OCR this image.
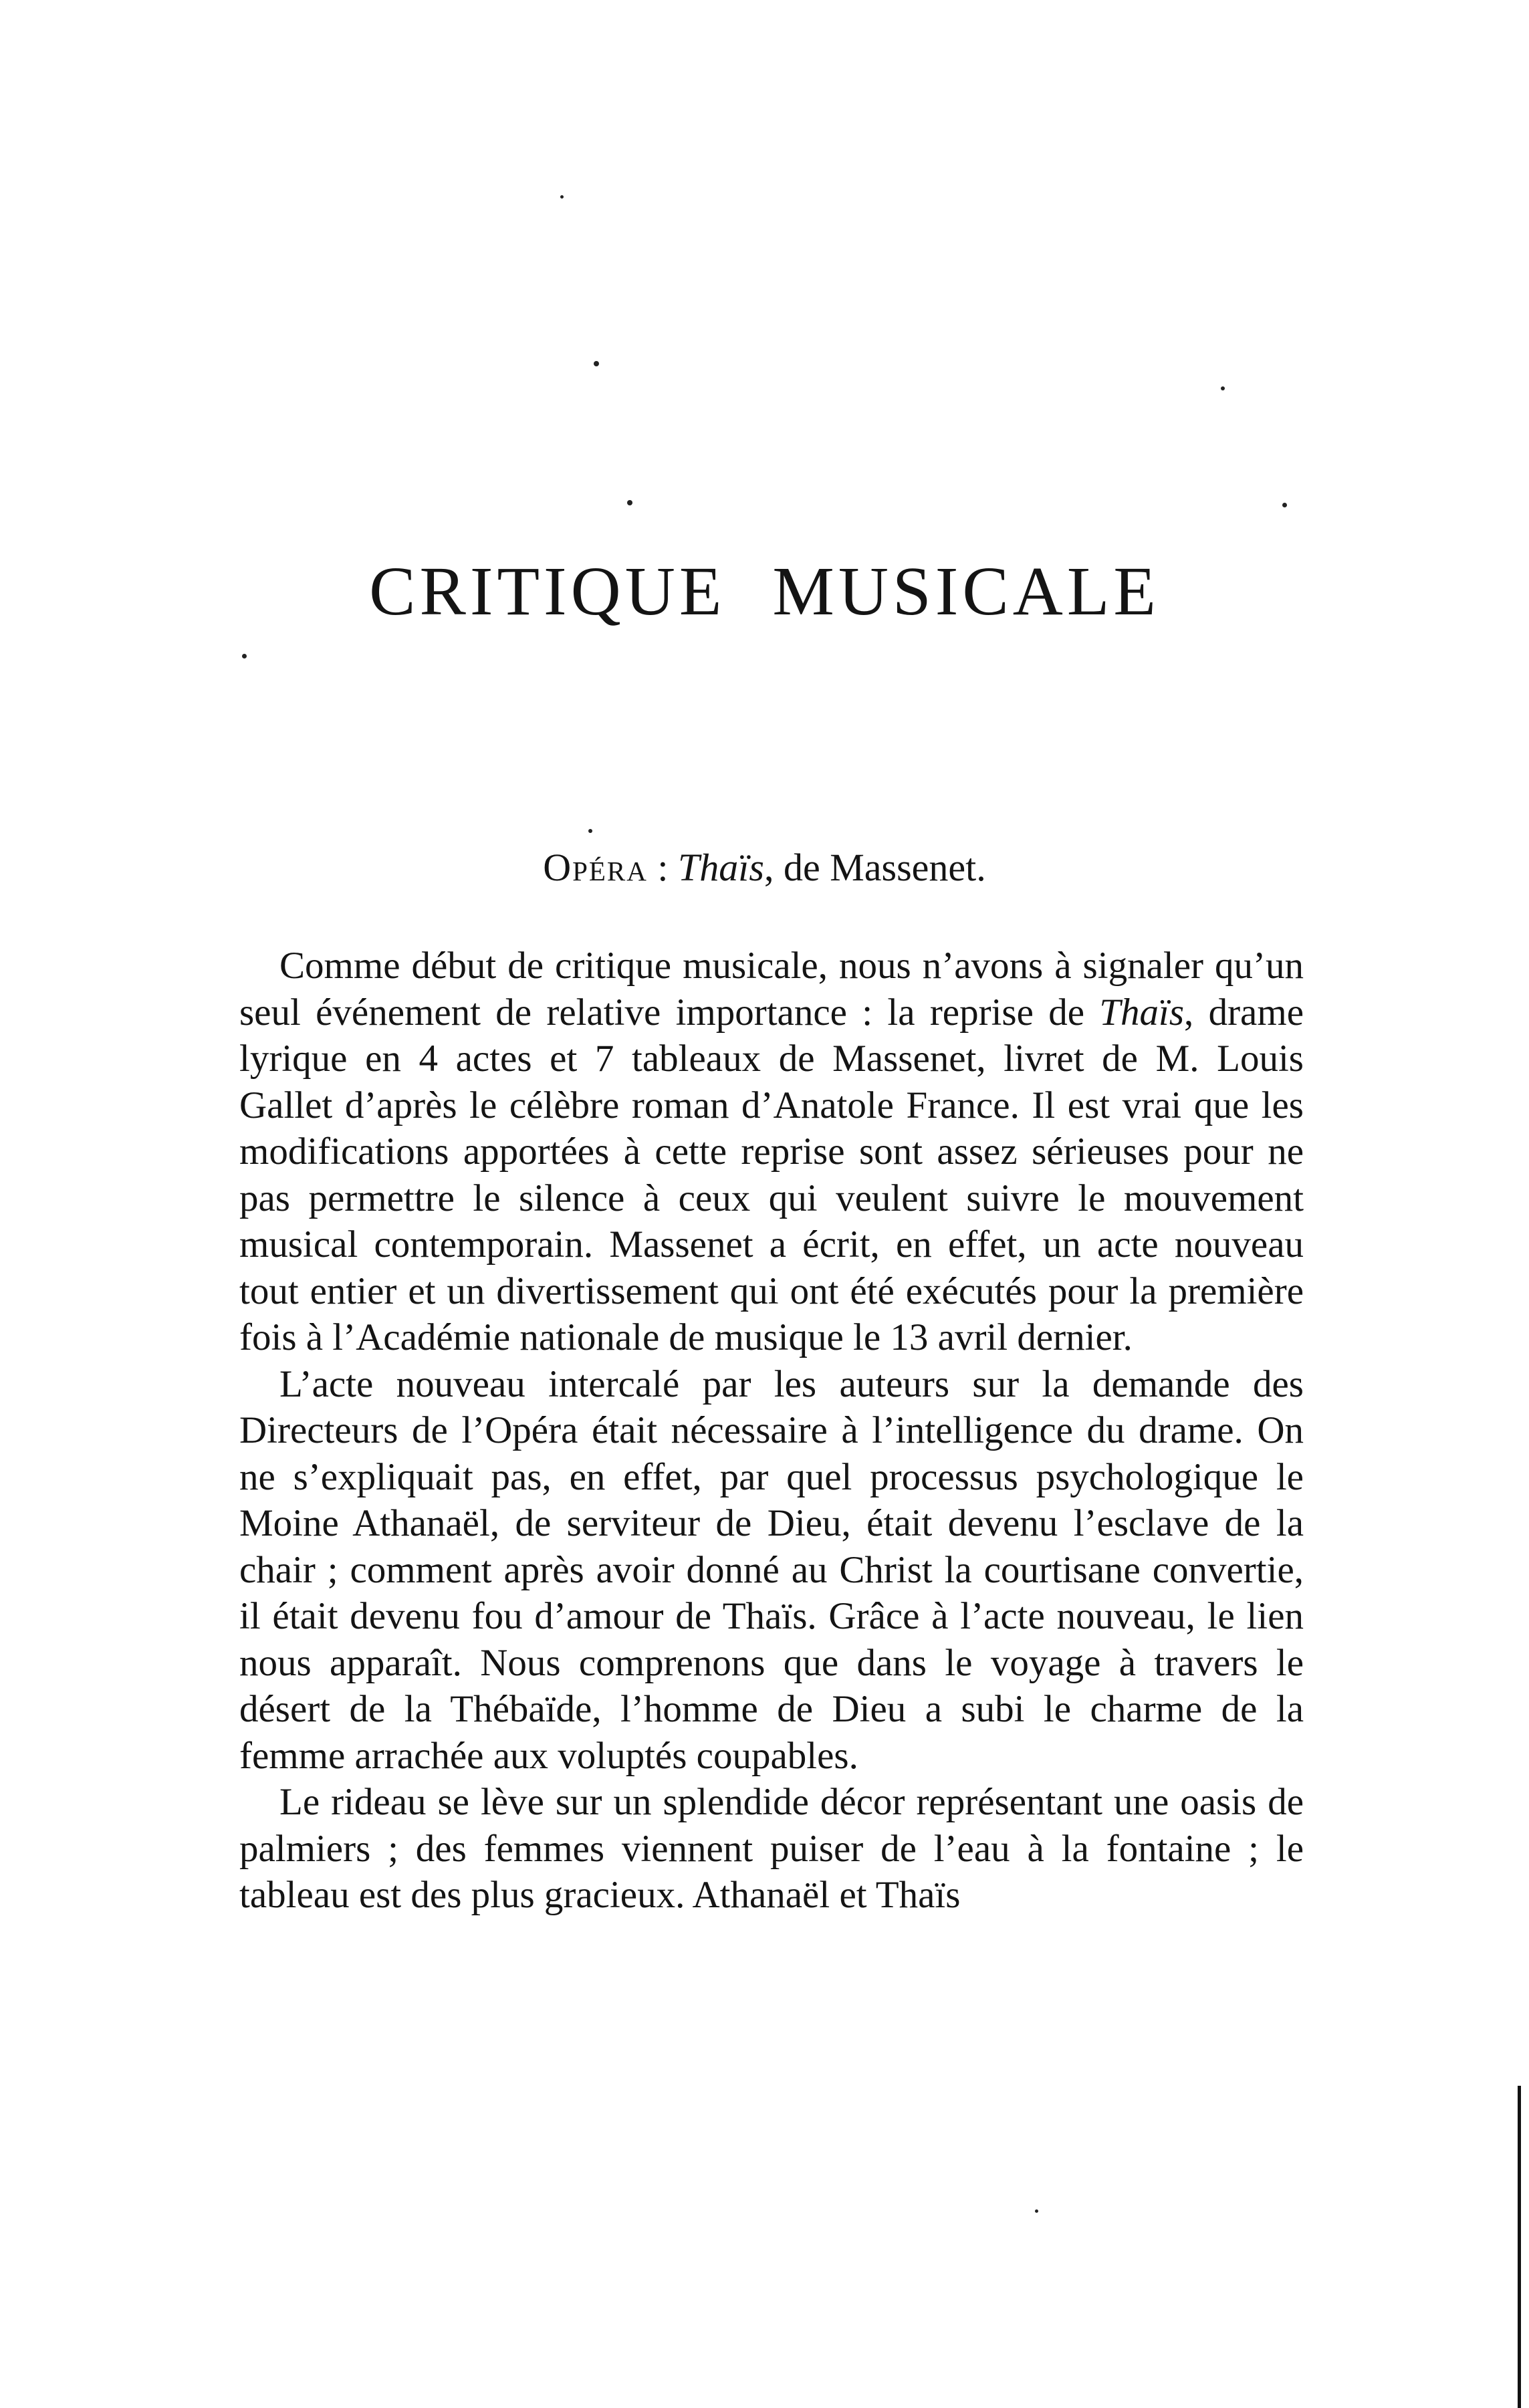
CRITIQUE MUSICALE
Opéra : Thaïs, de Massenet.

Comme début de critique musicale, nous n’avons à signaler qu’un seul événement de relative importance : la reprise de Thaïs, drame lyrique en 4 actes et 7 tableaux de Massenet, livret de M. Louis Gallet d’après le célèbre roman d’Anatole France. Il est vrai que les modifications apportées à cette reprise sont assez sérieuses pour ne pas permettre le silence à ceux qui veulent suivre le mouvement musical contemporain. Massenet a écrit, en effet, un acte nouveau tout entier et un divertissement qui ont été exécutés pour la première fois à l’Académie nationale de musique le 13 avril dernier.

L’acte nouveau intercalé par les auteurs sur la demande des Directeurs de l’Opéra était nécessaire à l’intelligence du drame. On ne s’expliquait pas, en effet, par quel processus psychologique le Moine Athanaël, de serviteur de Dieu, était devenu l’esclave de la chair ; comment après avoir donné au Christ la courtisane convertie, il était devenu fou d’amour de Thaïs. Grâce à l’acte nouveau, le lien nous apparaît. Nous comprenons que dans le voyage à travers le désert de la Thébaïde, l’homme de Dieu a subi le charme de la femme arrachée aux voluptés coupables.

Le rideau se lève sur un splendide décor représentant une oasis de palmiers ; des femmes viennent puiser de l’eau à la fontaine ; le tableau est des plus gracieux. Athanaël et Thaïs
